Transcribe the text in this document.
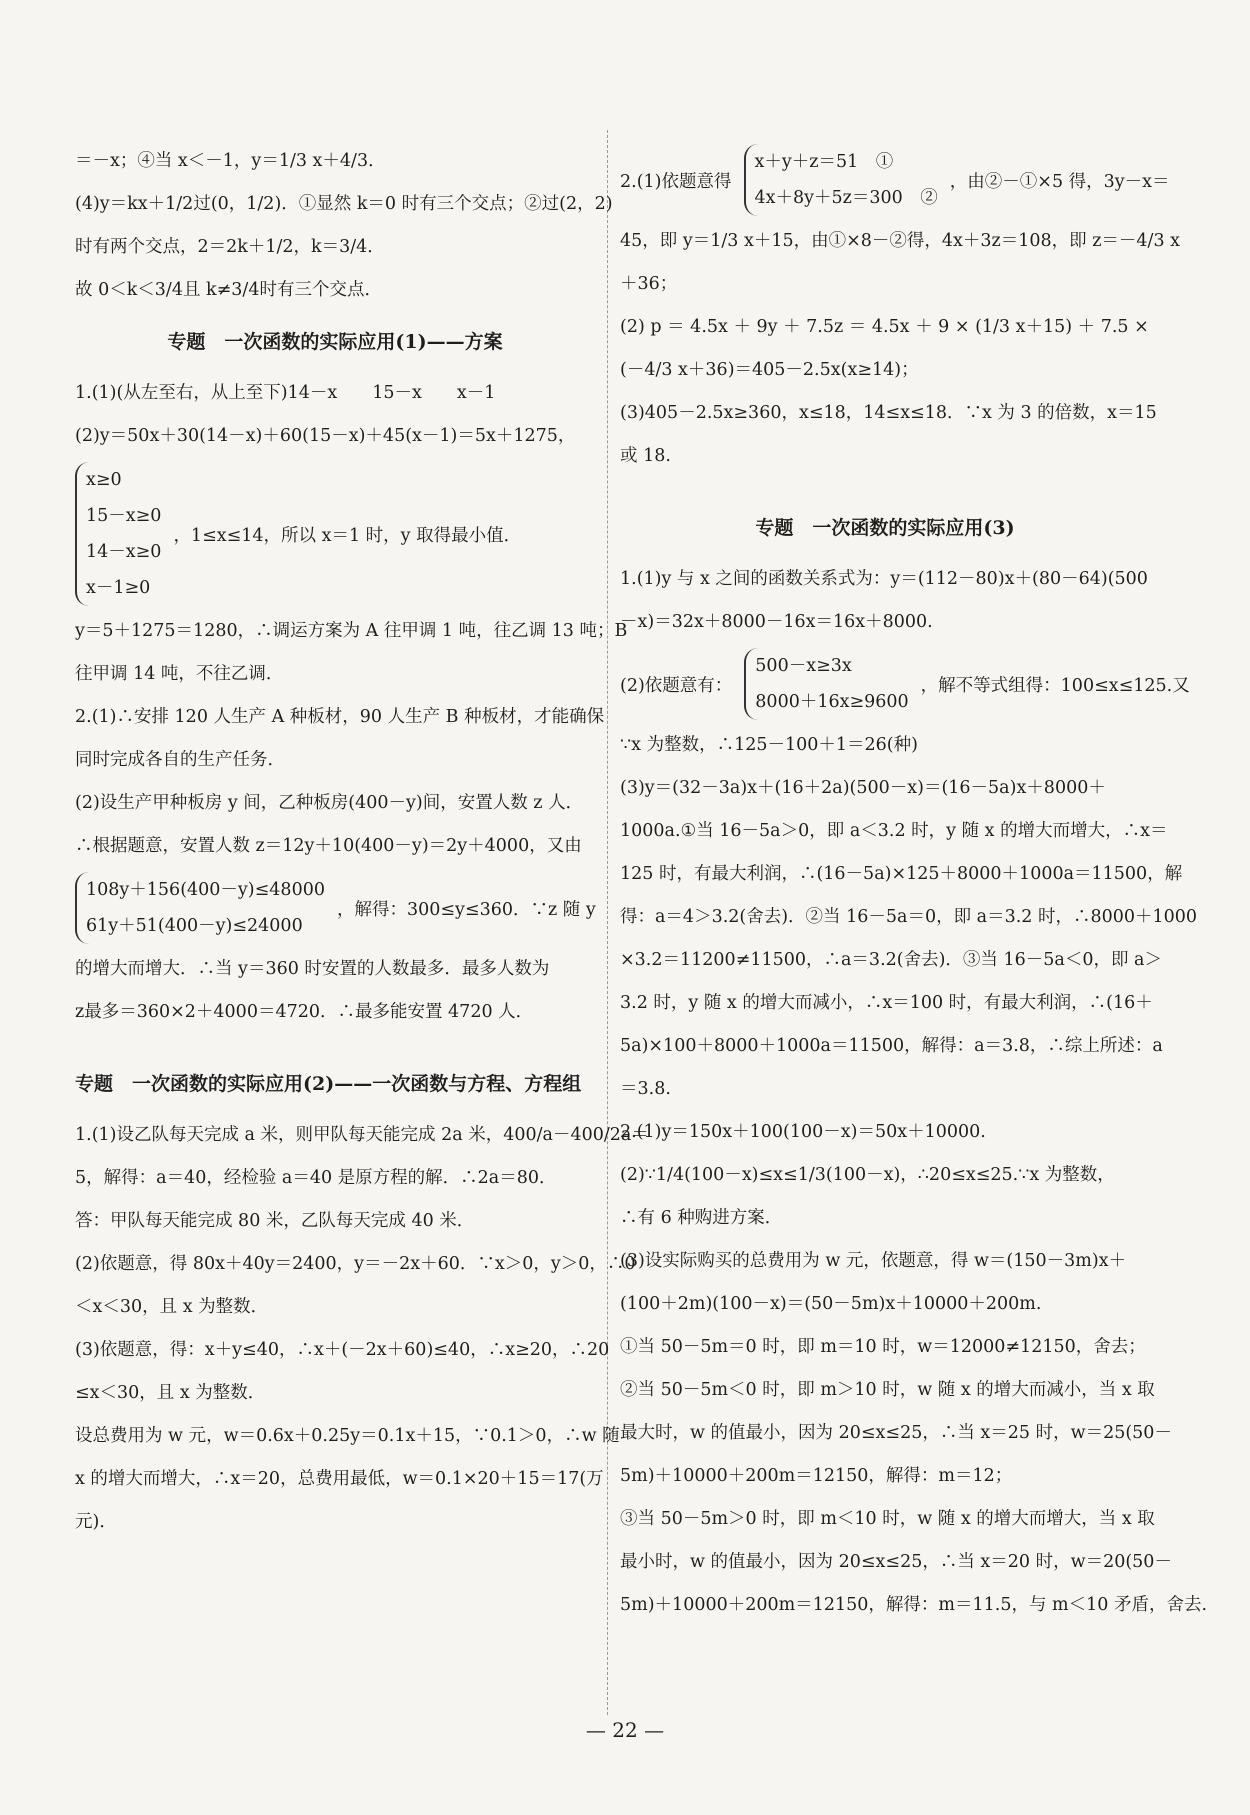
＝－x；④当 x＜－1，y＝1/3 x＋4/3．
(4)y＝kx＋1/2过(0，1/2)．①显然 k＝0 时有三个交点；②过(2，2)
时有两个交点，2＝2k＋1/2，k＝3/4．
故 0＜k＜3/4且 k≠3/4时有三个交点．
专题　一次函数的实际应用(1)——方案
1.(1)(从左至右，从上至下)14－x　　15－x　　x－1
(2)y＝50x＋30(14－x)＋60(15－x)＋45(x－1)＝5x＋1275，
x≥0
15－x≥0
14－x≥0
x－1≥0
，1≤x≤14，所以 x＝1 时，y 取得最小值．
y＝5＋1275＝1280，∴调运方案为 A 往甲调 1 吨，往乙调 13 吨；B
往甲调 14 吨，不往乙调．
2.(1)∴安排 120 人生产 A 种板材，90 人生产 B 种板材，才能确保
同时完成各自的生产任务．
(2)设生产甲种板房 y 间，乙种板房(400－y)间，安置人数 z 人．
∴根据题意，安置人数 z＝12y＋10(400－y)＝2y＋4000，又由
108y＋156(400－y)≤48000
61y＋51(400－y)≤24000
，解得：300≤y≤360．∵z 随 y
的增大而增大．∴当 y＝360 时安置的人数最多．最多人数为
z最多＝360×2＋4000＝4720．∴最多能安置 4720 人．
专题　一次函数的实际应用(2)——一次函数与方程、方程组
1.(1)设乙队每天完成 a 米，则甲队每天能完成 2a 米，400/a－400/2a＝
5，解得：a＝40，经检验 a＝40 是原方程的解．∴2a＝80．
答：甲队每天能完成 80 米，乙队每天完成 40 米．
(2)依题意，得 80x＋40y＝2400，y＝－2x＋60．∵x＞0，y＞0，∴0
＜x＜30，且 x 为整数．
(3)依题意，得：x＋y≤40，∴x＋(－2x＋60)≤40，∴x≥20，∴20
≤x＜30，且 x 为整数．
设总费用为 w 元，w＝0.6x＋0.25y＝0.1x＋15，∵0.1＞0，∴w 随
x 的增大而增大，∴x＝20，总费用最低，w＝0.1×20＋15＝17(万
元)．
2.(1)依题意得
x＋y＋z＝51　①
4x＋8y＋5z＝300　②
，由②－①×5 得，3y－x＝
45，即 y＝1/3 x＋15，由①×8－②得，4x＋3z＝108，即 z＝－4/3 x
＋36；
(2) p ＝ 4.5x ＋ 9y ＋ 7.5z ＝ 4.5x ＋ 9 × (1/3 x＋15) ＋ 7.5 ×
(－4/3 x＋36)＝405－2.5x(x≥14)；
(3)405－2.5x≥360，x≤18，14≤x≤18．∵x 为 3 的倍数，x＝15
或 18.
专题　一次函数的实际应用(3)
1.(1)y 与 x 之间的函数关系式为：y＝(112－80)x＋(80－64)(500
－x)＝32x＋8000－16x＝16x＋8000.
(2)依题意有：
500－x≥3x
8000＋16x≥9600
，解不等式组得：100≤x≤125.又
∵x 为整数，∴125－100＋1＝26(种)
(3)y＝(32－3a)x＋(16＋2a)(500－x)＝(16－5a)x＋8000＋
1000a.①当 16－5a＞0，即 a＜3.2 时，y 随 x 的增大而增大，∴x＝
125 时，有最大利润，∴(16－5a)×125＋8000＋1000a＝11500，解
得：a＝4＞3.2(舍去)．②当 16－5a＝0，即 a＝3.2 时，∴8000＋1000
×3.2＝11200≠11500，∴a＝3.2(舍去)．③当 16－5a＜0，即 a＞
3.2 时，y 随 x 的增大而减小，∴x＝100 时，有最大利润，∴(16＋
5a)×100＋8000＋1000a＝11500，解得：a＝3.8，∴综上所述：a
＝3.8.
2.(1)y＝150x＋100(100－x)＝50x＋10000.
(2)∵1/4(100－x)≤x≤1/3(100－x)，∴20≤x≤25.∵x 为整数，
∴有 6 种购进方案．
(3)设实际购买的总费用为 w 元，依题意，得 w＝(150－3m)x＋
(100＋2m)(100－x)＝(50－5m)x＋10000＋200m.
①当 50－5m＝0 时，即 m＝10 时，w＝12000≠12150，舍去；
②当 50－5m＜0 时，即 m＞10 时，w 随 x 的增大而减小，当 x 取
最大时，w 的值最小，因为 20≤x≤25，∴当 x＝25 时，w＝25(50－
5m)＋10000＋200m＝12150，解得：m＝12；
③当 50－5m＞0 时，即 m＜10 时，w 随 x 的增大而增大，当 x 取
最小时，w 的值最小，因为 20≤x≤25，∴当 x＝20 时，w＝20(50－
5m)＋10000＋200m＝12150，解得：m＝11.5，与 m＜10 矛盾，舍去.
— 22 —
